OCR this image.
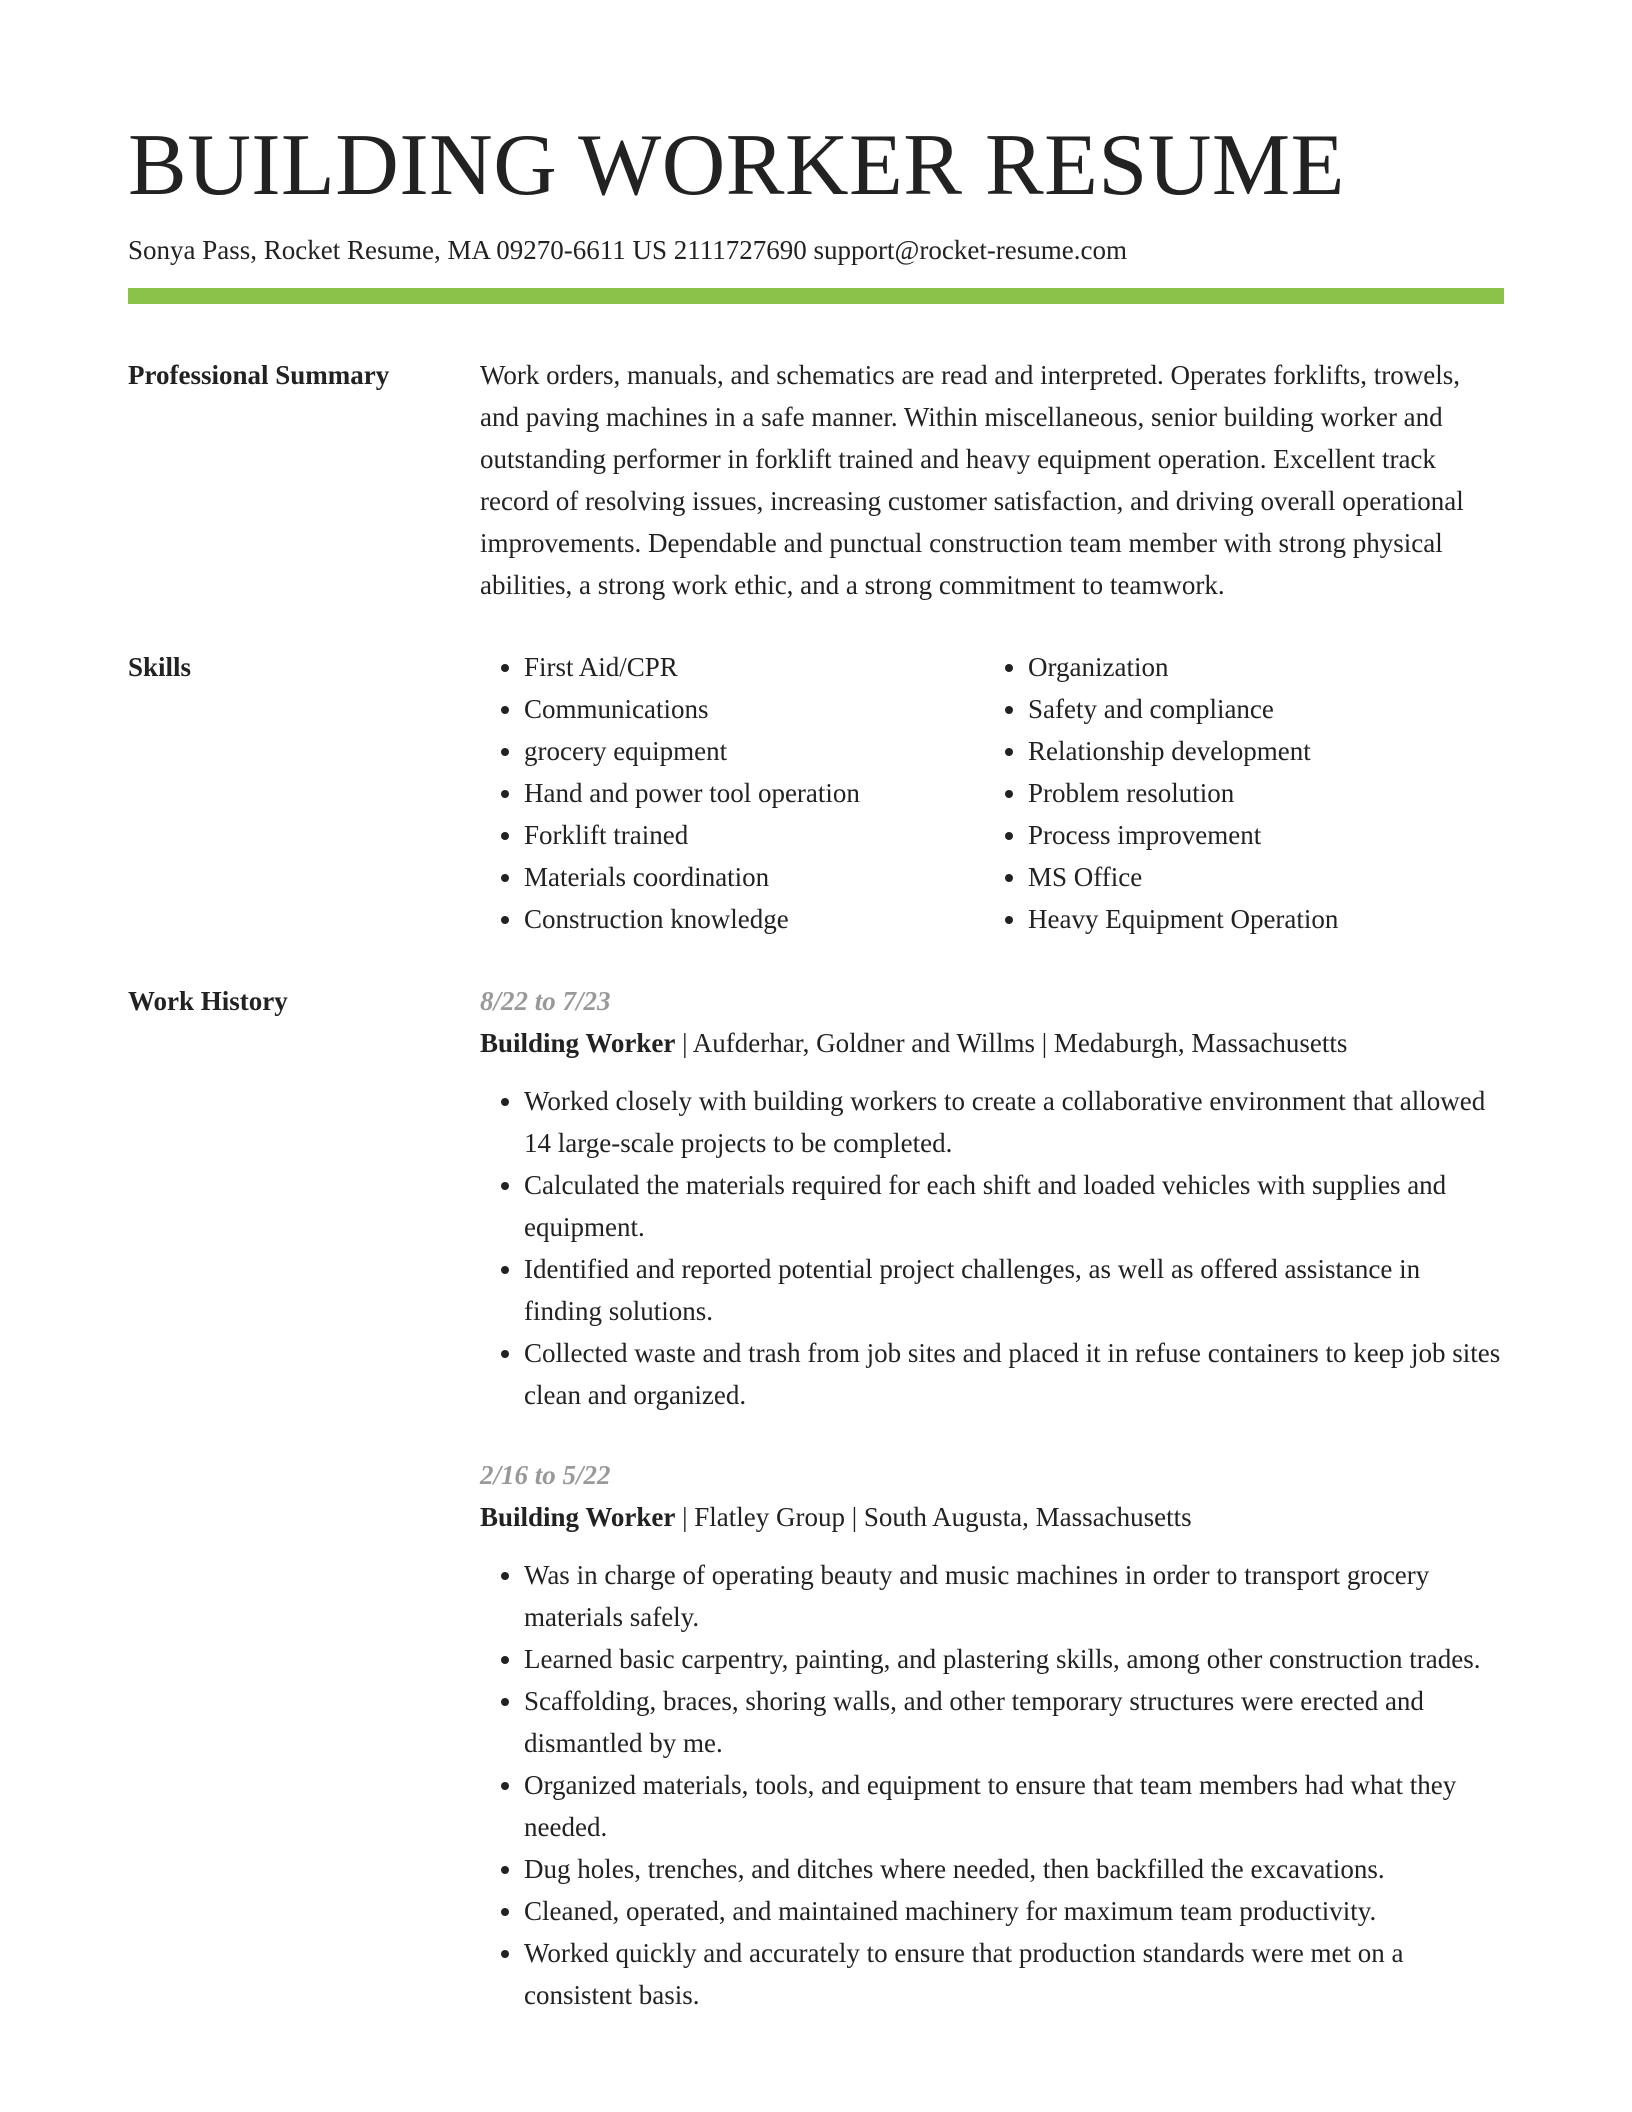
BUILDING WORKER RESUME
Sonya Pass, Rocket Resume, MA 09270-6611 US 2111727690 support@rocket-resume.com
Professional Summary	Work orders, manuals, and schematics are read and interpreted. Operates forklifts, trowels, and paving machines in a safe manner. Within miscellaneous, senior building worker and outstanding performer in forklift trained and heavy equipment operation. Excellent track record of resolving issues, increasing customer satisfaction, and driving overall operational improvements. Dependable and punctual construction team member with strong physical abilities, a strong work ethic, and a strong commitment to teamwork.

Skills
•	First Aid/CPR
• Communications
• grocery equipment
• Hand and power tool operation
• Forklift trained
• Materials coordination
• Construction knowledge
• Organization
• Safety and compliance
• Relationship development
• Problem resolution
• Process improvement
• MS Office
• Heavy Equipment Operation
Work History	8/22 to 7/23
Building Worker | Aufderhar, Goldner and Willms | Medaburgh, Massachusetts
• Worked closely with building workers to create a collaborative environment that allowed 14 large-scale projects to be completed.
• Calculated the materials required for each shift and loaded vehicles with supplies and equipment.
• Identified and reported potential project challenges, as well as offered assistance in finding solutions.
• Collected waste and trash from job sites and placed it in refuse containers to keep job sites clean and organized.
2/16 to 5/22
Building Worker | Flatley Group | South Augusta, Massachusetts
• Was in charge of operating beauty and music machines in order to transport grocery materials safely.
• Learned basic carpentry, painting, and plastering skills, among other construction trades.
• Scaffolding, braces, shoring walls, and other temporary structures were erected and dismantled by me.
• Organized materials, tools, and equipment to ensure that team members had what they needed.
• Dug holes, trenches, and ditches where needed, then backfilled the excavations.
• Cleaned, operated, and maintained machinery for maximum team productivity.
• Worked quickly and accurately to ensure that production standards were met on a consistent basis.
